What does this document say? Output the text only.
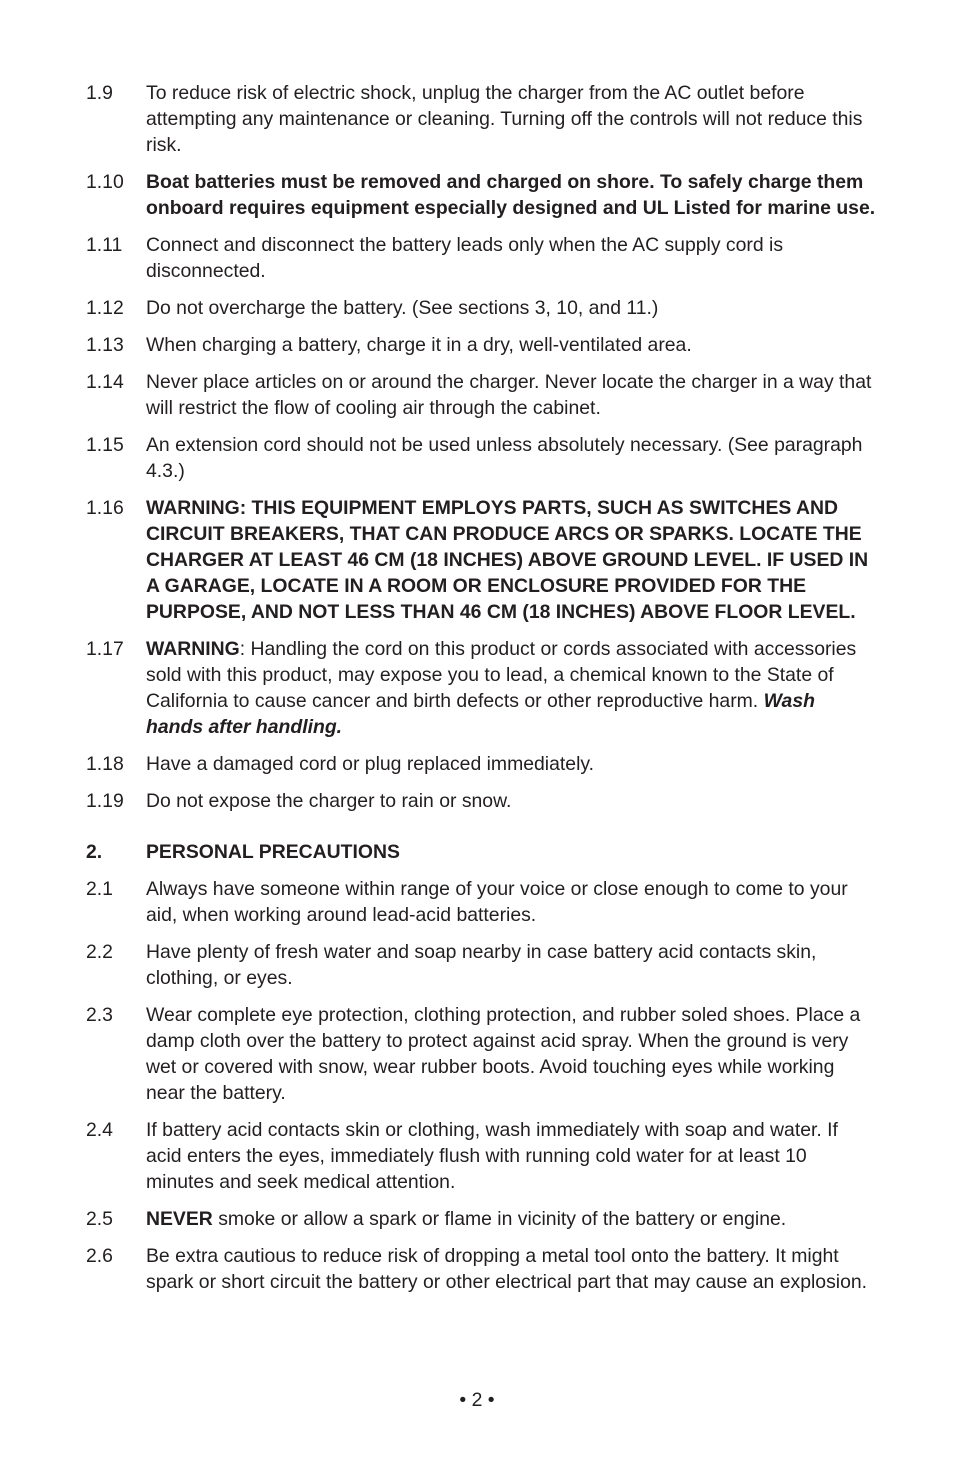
1.9	To reduce risk of electric shock, unplug the charger from the AC outlet before attempting any maintenance or cleaning. Turning off the controls will not reduce this risk.
1.10	Boat batteries must be removed and charged on shore. To safely charge them onboard requires equipment especially designed and UL Listed for marine use.
1.11	Connect and disconnect the battery leads only when the AC supply cord is disconnected.
1.12	Do not overcharge the battery. (See sections 3, 10, and 11.)
1.13	When charging a battery, charge it in a dry, well-ventilated area.
1.14	Never place articles on or around the charger. Never locate the charger in a way that will restrict the flow of cooling air through the cabinet.
1.15	An extension cord should not be used unless absolutely necessary. (See paragraph 4.3.)
1.16	WARNING: THIS EQUIPMENT EMPLOYS PARTS, SUCH AS SWITCHES AND CIRCUIT BREAKERS, THAT CAN PRODUCE ARCS OR SPARKS. LOCATE THE CHARGER AT LEAST 46 CM (18 INCHES) ABOVE GROUND LEVEL. IF USED IN A GARAGE, LOCATE IN A ROOM OR ENCLOSURE PROVIDED FOR THE PURPOSE, AND NOT LESS THAN 46 CM (18 INCHES) ABOVE FLOOR LEVEL.
1.17	WARNING: Handling the cord on this product or cords associated with accessories sold with this product, may expose you to lead, a chemical known to the State of California to cause cancer and birth defects or other reproductive harm. Wash hands after handling.
1.18	Have a damaged cord or plug replaced immediately.
1.19	Do not expose the charger to rain or snow.
2.	PERSONAL PRECAUTIONS
2.1	Always have someone within range of your voice or close enough to come to your aid, when working around lead-acid batteries.
2.2	Have plenty of fresh water and soap nearby in case battery acid contacts skin, clothing, or eyes.
2.3	Wear complete eye protection, clothing protection, and rubber soled shoes. Place a damp cloth over the battery to protect against acid spray. When the ground is very wet or covered with snow, wear rubber boots. Avoid touching eyes while working near the battery.
2.4	If battery acid contacts skin or clothing, wash immediately with soap and water. If acid enters the eyes, immediately flush with running cold water for at least 10 minutes and seek medical attention.
2.5	NEVER smoke or allow a spark or flame in vicinity of the battery or engine.
2.6	Be extra cautious to reduce risk of dropping a metal tool onto the battery. It might spark or short circuit the battery or other electrical part that may cause an explosion.
• 2 •
